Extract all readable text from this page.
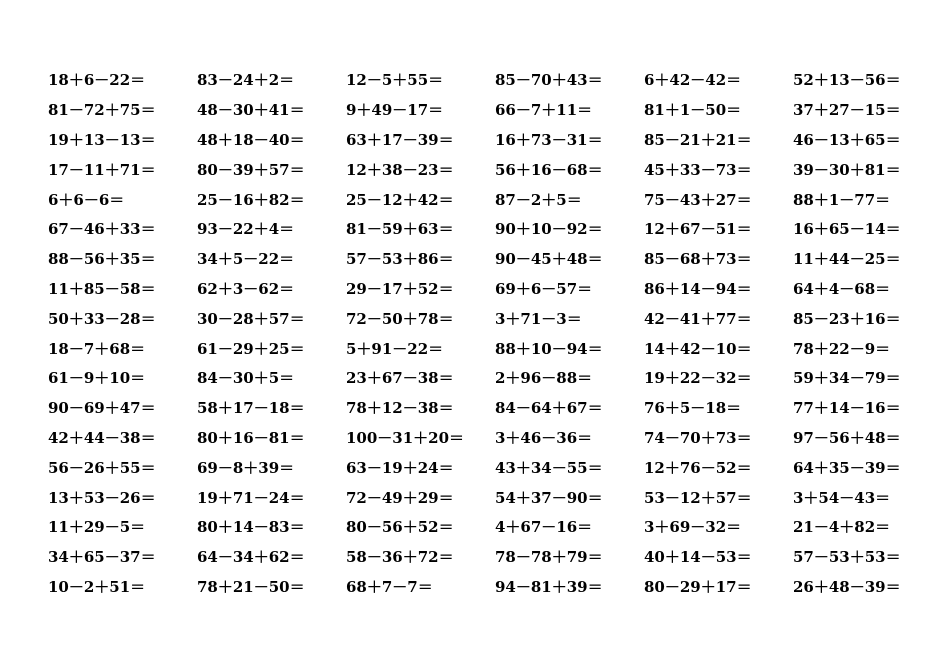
18＋6－22＝	83－24＋2＝	12－5＋55＝	85－70＋43＝	6＋42－42＝	52＋13－56＝
81－72＋75＝	48－30＋41＝	9＋49－17＝	66－7＋11＝	81＋1－50＝	37＋27－15＝
19＋13－13＝	48＋18－40＝	63＋17－39＝	16＋73－31＝	85－21＋21＝	46－13＋65＝
17－11＋71＝	80－39＋57＝	12＋38－23＝	56＋16－68＝	45＋33－73＝	39－30＋81＝
6＋6－6＝	25－16＋82＝	25－12＋42＝	87－2＋5＝	75－43＋27＝	88＋1－77＝
67－46＋33＝	93－22＋4＝	81－59＋63＝	90＋10－92＝	12＋67－51＝	16＋65－14＝
88－56＋35＝	34＋5－22＝	57－53＋86＝	90－45＋48＝	85－68＋73＝	11＋44－25＝
11＋85－58＝	62＋3－62＝	29－17＋52＝	69＋6－57＝	86＋14－94＝	64＋4－68＝
50＋33－28＝	30－28＋57＝	72－50＋78＝	3＋71－3＝	42－41＋77＝	85－23＋16＝
18－7＋68＝	61－29＋25＝	5＋91－22＝	88＋10－94＝	14＋42－10＝	78＋22－9＝
61－9＋10＝	84－30＋5＝	23＋67－38＝	2＋96－88＝	19＋22－32＝	59＋34－79＝
90－69＋47＝	58＋17－18＝	78＋12－38＝	84－64＋67＝	76＋5－18＝	77＋14－16＝
42＋44－38＝	80＋16－81＝	100－31＋20＝	3＋46－36＝	74－70＋73＝	97－56＋48＝
56－26＋55＝	69－8＋39＝	63－19＋24＝	43＋34－55＝	12＋76－52＝	64＋35－39＝
13＋53－26＝	19＋71－24＝	72－49＋29＝	54＋37－90＝	53－12＋57＝	3＋54－43＝
11＋29－5＝	80＋14－83＝	80－56＋52＝	4＋67－16＝	3＋69－32＝	21－4＋82＝
34＋65－37＝	64－34＋62＝	58－36＋72＝	78－78＋79＝	40＋14－53＝	57－53＋53＝
10－2＋51＝	78＋21－50＝	68＋7－7＝	94－81＋39＝	80－29＋17＝	26＋48－39＝
